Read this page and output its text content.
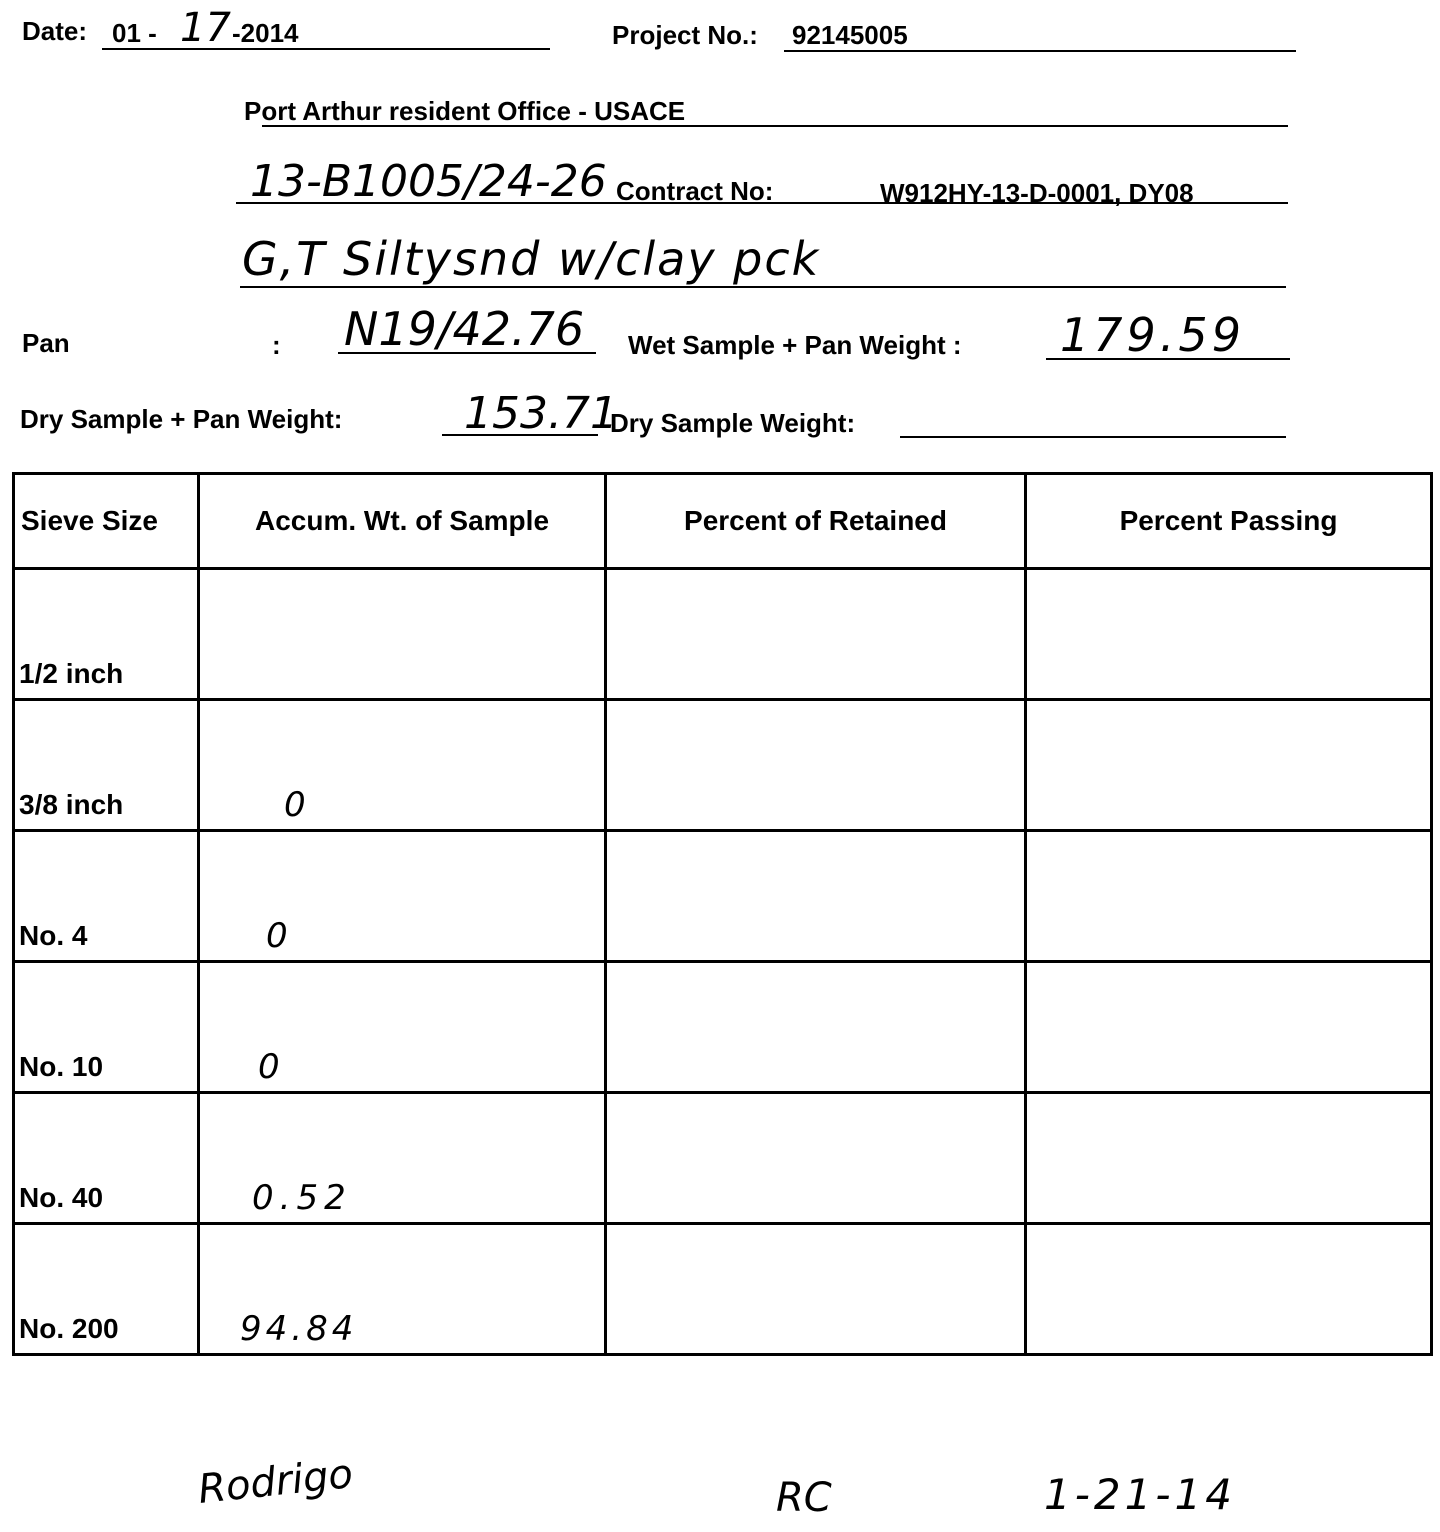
Date: 01 - 17 -2014	Project No.: 92145005
Port Arthur resident Office - USACE
13-B1005/24-26 Contract No:	W912HY-13-D-0001, DY08
G,T Siltysnd w/clay pck
Pan	: N19/42.76 Wet Sample + Pan Weight : 179.59
Dry Sample + Pan Weight:	153.71
Dry Sample Weight:
Sieve Size	Accum. Wt. of Sample	Percent of Retained	Percent Passing

1/2 inch			

3/8 inch	0		

No. 4	0		

No. 10	0		

No. 40	0.52		

No. 200	94.84		

Rodrigo	RC	1-21-14
